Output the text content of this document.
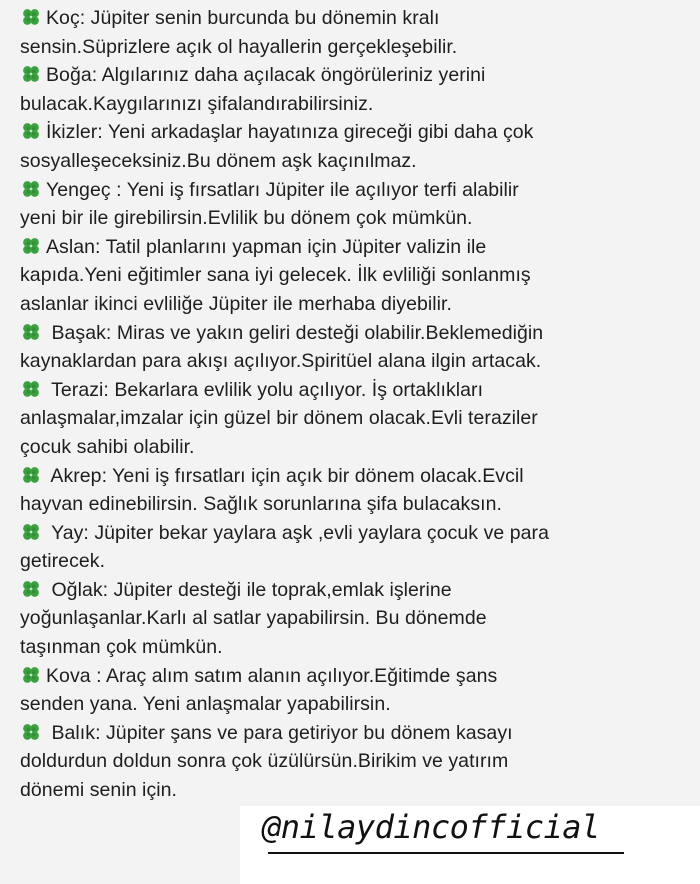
Koç: Jüpiter senin burcunda bu dönemin kralı
sensin.Süprizlere açık ol hayallerin gerçekleşebilir.
Boğa: Algılarınız daha açılacak öngörüleriniz yerini
bulacak.Kaygılarınızı şifalandırabilirsiniz.
İkizler: Yeni arkadaşlar hayatınıza gireceği gibi daha çok
sosyalleşeceksiniz.Bu dönem aşk kaçınılmaz.
Yengeç : Yeni iş fırsatları Jüpiter ile açılıyor terfi alabilir
yeni bir ile girebilirsin.Evlilik bu dönem çok mümkün.
Aslan: Tatil planlarını yapman için Jüpiter valizin ile
kapıda.Yeni eğitimler sana iyi gelecek. İlk evliliği sonlanmış
aslanlar ikinci evliliğe Jüpiter ile merhaba diyebilir.
Başak: Miras ve yakın geliri desteği olabilir.Beklemediğin
kaynaklardan para akışı açılıyor.Spiritüel alana ilgin artacak.
Terazi: Bekarlara evlilik yolu açılıyor. İş ortaklıkları
anlaşmalar,imzalar için güzel bir dönem olacak.Evli teraziler
çocuk sahibi olabilir.
Akrep: Yeni iş fırsatları için açık bir dönem olacak.Evcil
hayvan edinebilirsin. Sağlık sorunlarına şifa bulacaksın.
Yay: Jüpiter bekar yaylara aşk ,evli yaylara çocuk ve para
getirecek.
Oğlak: Jüpiter desteği ile toprak,emlak işlerine
yoğunlaşanlar.Karlı al satlar yapabilirsin. Bu dönemde
taşınman çok mümkün.
Kova : Araç alım satım alanın açılıyor.Eğitimde şans
senden yana. Yeni anlaşmalar yapabilirsin.
Balık: Jüpiter şans ve para getiriyor bu dönem kasayı
doldurdun doldun sonra çok üzülürsün.Birikim ve yatırım
dönemi senin için.
@nilaydincofficial
